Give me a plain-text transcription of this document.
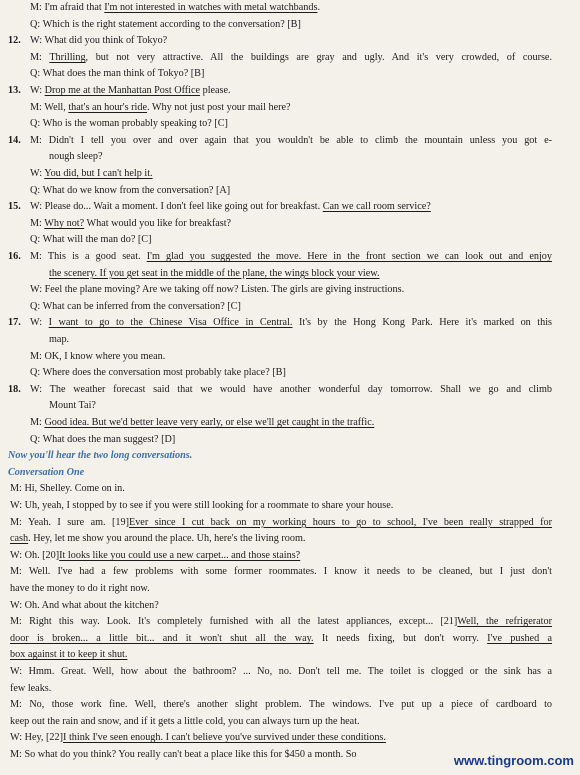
M: I'm afraid that I'm not interested in watches with metal watchbands.
Q: Which is the right statement according to the conversation? [B]
12. W: What did you think of Tokyo?
M: Thrilling, but not very attractive. All the buildings are gray and ugly. And it's very crowded, of course.
Q: What does the man think of Tokyo? [B]
13. W: Drop me at the Manhattan Post Office please.
M: Well, that's an hour's ride. Why not just post your mail here?
Q: Who is the woman probably speaking to? [C]
14. M: Didn't I tell you over and over again that you wouldn't be able to climb the mountain unless you got e-
nough sleep?
W: You did, but I can't help it.
Q: What do we know from the conversation? [A]
15. W: Please do... Wait a moment. I don't feel like going out for breakfast. Can we call room service?
M: Why not? What would you like for breakfast?
Q: What will the man do? [C]
16. M: This is a good seat. I'm glad you suggested the move. Here in the front section we can look out and enjoy
the scenery. If you get seat in the middle of the plane, the wings block your view.
W: Feel the plane moving? Are we taking off now? Listen. The girls are giving instructions.
Q: What can be inferred from the conversation? [C]
17. W: I want to go to the Chinese Visa Office in Central. It's by the Hong Kong Park. Here it's marked on this
map.
M: OK, I know where you mean.
Q: Where does the conversation most probably take place? [B]
18. W: The weather forecast said that we would have another wonderful day tomorrow. Shall we go and climb
Mount Tai?
M: Good idea. But we'd better leave very early, or else we'll get caught in the traffic.
Q: What does the man suggest? [D]
Now you'll hear the two long conversations.
Conversation One
M: Hi, Shelley. Come on in.
W: Uh, yeah, I stopped by to see if you were still looking for a roommate to share your house.
M: Yeah. I sure am. [19]Ever since I cut back on my working hours to go to school, I've been really strapped for
cash. Hey, let me show you around the place. Uh, here's the living room.
W: Oh. [20]It looks like you could use a new carpet... and those stains?
M: Well. I've had a few problems with some former roommates. I know it needs to be cleaned, but I just don't
have the money to do it right now.
W: Oh. And what about the kitchen?
M: Right this way. Look. It's completely furnished with all the latest appliances, except... [21]Well, the refrigerator
door is broken... a little bit... and it won't shut all the way. It needs fixing, but don't worry. I've pushed a
box against it to keep it shut.
W: Hmm. Great. Well, how about the bathroom? ... No, no. Don't tell me. The toilet is clogged or the sink has a
few leaks.
M: No, those work fine. Well, there's another slight problem. The windows. I've put up a piece of cardboard to
keep out the rain and snow, and if it gets a little cold, you can always turn up the heat.
W: Hey, [22]I think I've seen enough. I can't believe you've survived under these conditions.
M: So what do you think? You really can't beat a place like this for $450 a month. So	www.tingroom.com
